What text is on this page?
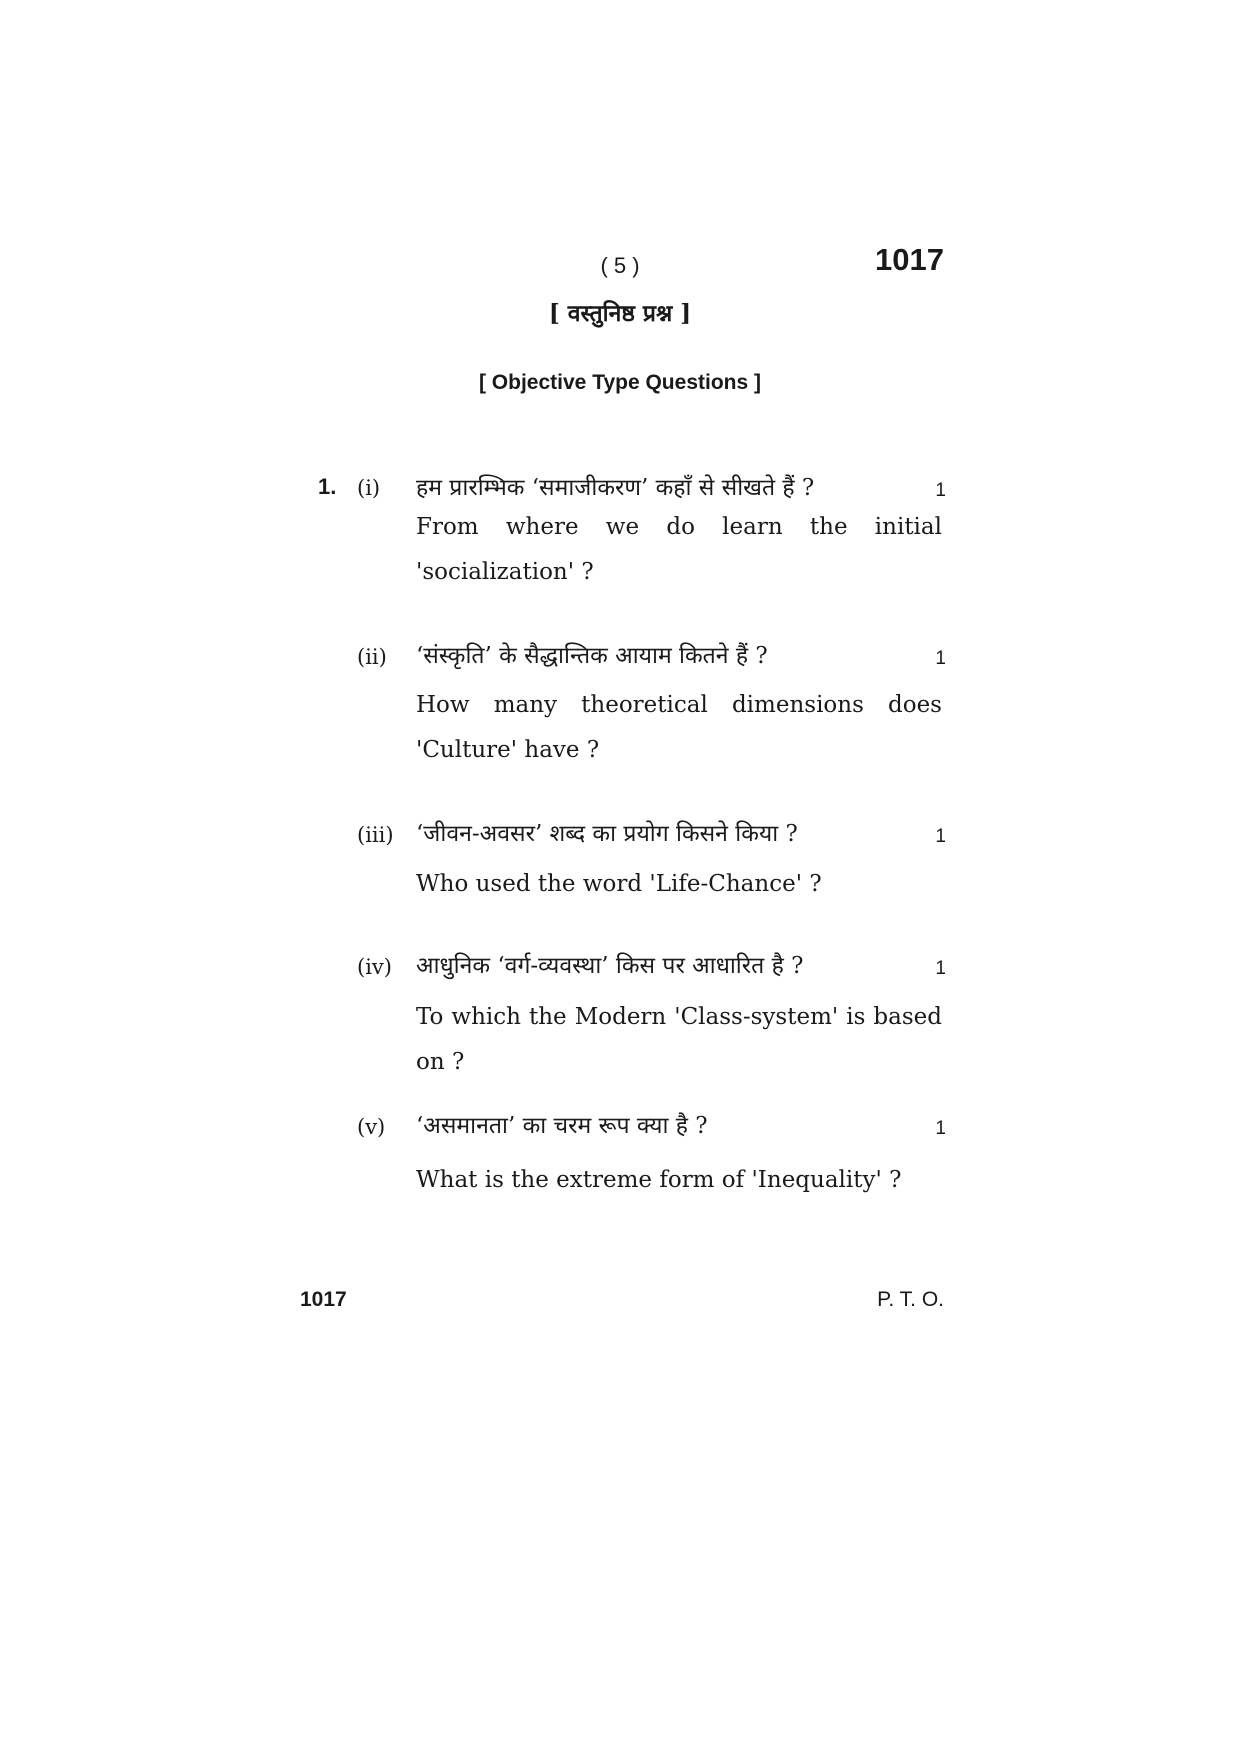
( 5 )	1017
[ वस्तुनिष्ठ प्रश्न ]
[ Objective Type Questions ]
1. (i) हम प्रारम्भिक ‘समाजीकरण’ कहाँ से सीखते हैं ?	1
From where we do learn the initial 'socialization' ?
(ii) ‘संस्कृति’ के सैद्धान्तिक आयाम कितने हैं ?	1
How many theoretical dimensions does 'Culture' have ?
(iii) ‘जीवन-अवसर’ शब्द का प्रयोग किसने किया ?	1
Who used the word 'Life-Chance' ?
(iv) आधुनिक ‘वर्ग-व्यवस्था’ किस पर आधारित है ?	1
To which the Modern 'Class-system' is based on ?
(v) ‘असमानता’ का चरम रूप क्या है ?	1
What is the extreme form of 'Inequality' ?
1017	P. T. O.
